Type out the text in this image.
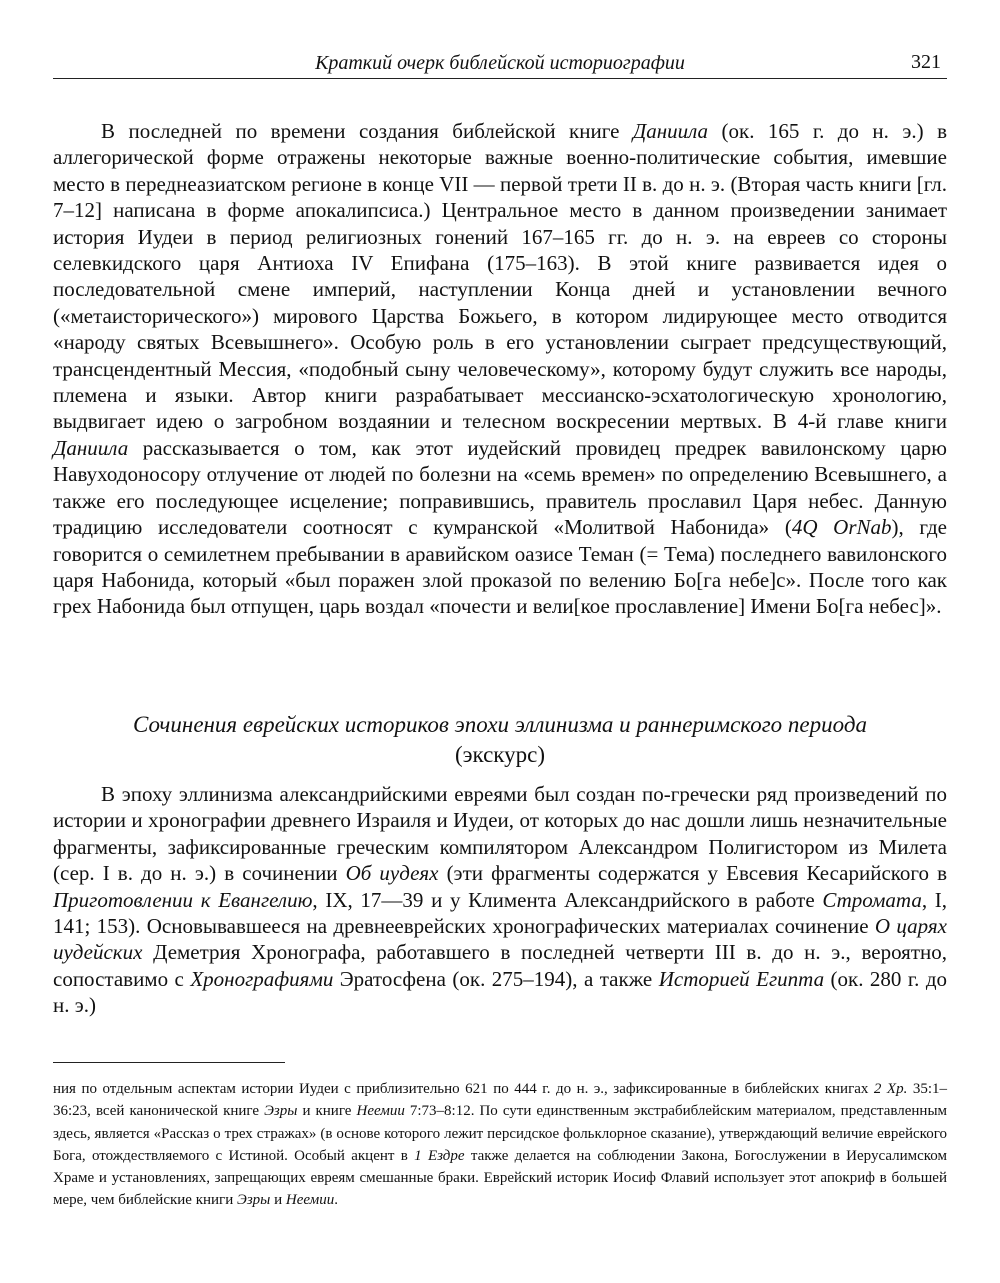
Краткий очерк библейской историографии	321

В последней по времени создания библейской книге Даниила (ок. 165 г. до н. э.) в аллегорической форме отражены некоторые важные военно-политические события, имевшие место в переднеазиатском регионе в конце VII — первой трети II в. до н. э. (Вторая часть книги [гл. 7–12] написана в форме апокалипсиса.) Центральное место в данном произведении занимает история Иудеи в период религиозных гонений 167–165 гг. до н. э. на евреев со стороны селевкидского царя Антиоха IV Епифана (175–163). В этой книге развивается идея о последовательной смене империй, наступлении Конца дней и установлении вечного («метаисторического») мирового Царства Божьего, в котором лидирующее место отводится «народу святых Всевышнего». Особую роль в его установлении сыграет предсуществующий, трансцендентный Мессия, «подобный сыну человеческому», которому будут служить все народы, племена и языки. Автор книги разрабатывает мессианско-эсхатологическую хронологию, выдвигает идею о загробном воздаянии и телесном воскресении мертвых. В 4-й главе книги Даниила рассказывается о том, как этот иудейский провидец предрек вавилонскому царю Навуходоносору отлучение от людей по болезни на «семь времен» по определению Всевышнего, а также его последующее исцеление; поправившись, правитель прославил Царя небес. Данную традицию исследователи соотносят с кумранской «Молитвой Набонида» (4Q OrNab), где говорится о семилетнем пребывании в аравийском оазисе Теман (= Тема) последнего вавилонского царя Набонида, который «был поражен злой проказой по велению Бо[га небе]с». После того как грех Набонида был отпущен, царь воздал «почести и вели[кое прославление] Имени Бо[га небес]».

Сочинения еврейских историков эпохи эллинизма и раннеримского периода
(экскурс)

В эпоху эллинизма александрийскими евреями был создан по-гречески ряд произведений по истории и хронографии древнего Израиля и Иудеи, от которых до нас дошли лишь незначительные фрагменты, зафиксированные греческим компилятором Александром Полигистором из Милета (сер. I в. до н. э.) в сочинении Об иудеях (эти фрагменты содержатся у Евсевия Кесарийского в Приготовлении к Евангелию, IX, 17—39 и у Климента Александрийского в работе Стромата, I, 141; 153). Основывавшееся на древнееврейских хронографических материалах сочинение О царях иудейских Деметрия Хронографа, работавшего в последней четверти III в. до н. э., вероятно, сопоставимо с Хронографиями Эратосфена (ок. 275–194), а также Историей Египта (ок. 280 г. до н. э.)

ния по отдельным аспектам истории Иудеи с приблизительно 621 по 444 г. до н. э., зафиксированные в библейских книгах 2 Хр. 35:1–36:23, всей канонической книге Эзры и книге Неемии 7:73–8:12. По сути единственным экстрабиблейским материалом, представленным здесь, является «Рассказ о трех стражах» (в основе которого лежит персидское фольклорное сказание), утверждающий величие еврейского Бога, отождествляемого с Истиной. Особый акцент в 1 Ездре также делается на соблюдении Закона, Богослужении в Иерусалимском Храме и установлениях, запрещающих евреям смешанные браки. Еврейский историк Иосиф Флавий использует этот апокриф в большей мере, чем библейские книги Эзры и Неемии.
